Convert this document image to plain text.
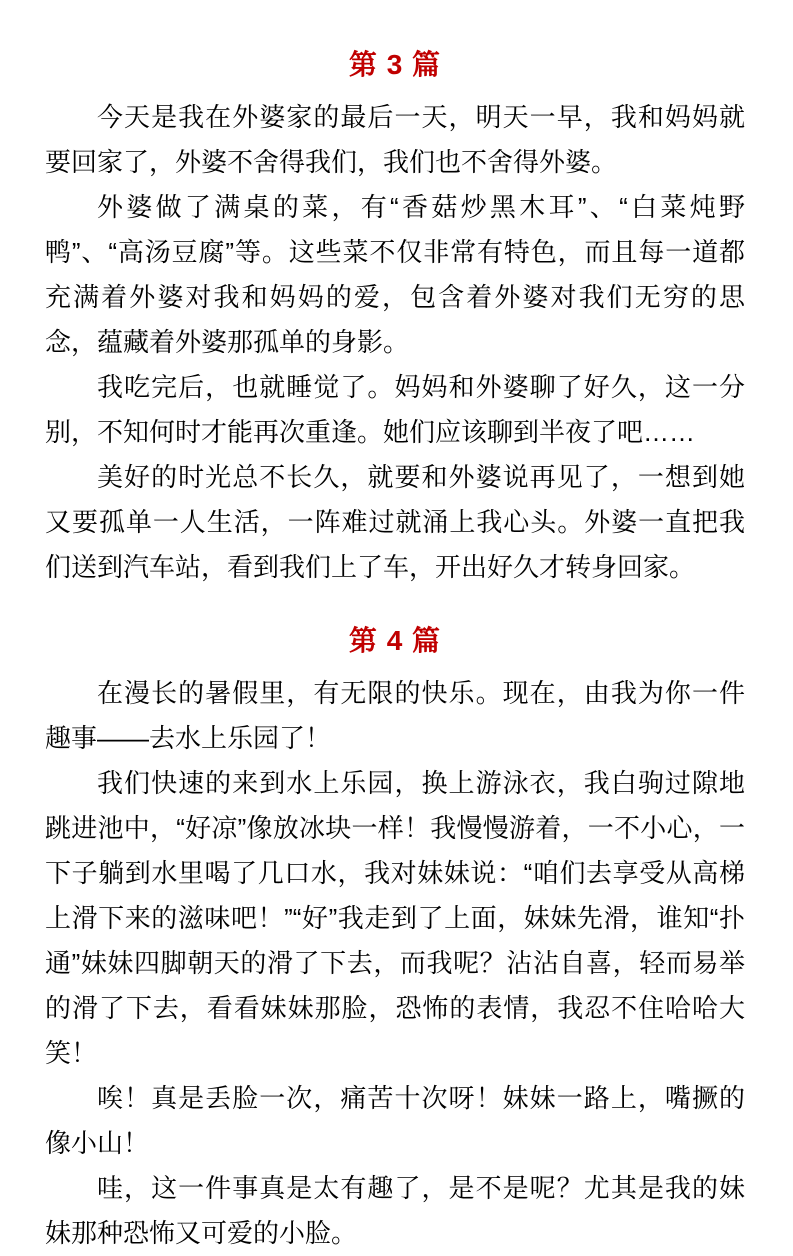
第 3 篇

今天是我在外婆家的最后一天，明天一早，我和妈妈就要回家了，外婆不舍得我们，我们也不舍得外婆。

外婆做了满桌的菜，有“香菇炒黑木耳”、“白菜炖野鸭”、“高汤豆腐”等。这些菜不仅非常有特色，而且每一道都充满着外婆对我和妈妈的爱，包含着外婆对我们无穷的思念，蕴藏着外婆那孤单的身影。

我吃完后，也就睡觉了。妈妈和外婆聊了好久，这一分别，不知何时才能再次重逢。她们应该聊到半夜了吧……

美好的时光总不长久，就要和外婆说再见了，一想到她又要孤单一人生活，一阵难过就涌上我心头。外婆一直把我们送到汽车站，看到我们上了车，开出好久才转身回家。

第 4 篇

在漫长的暑假里，有无限的快乐。现在，由我为你一件趣事——去水上乐园了！

我们快速的来到水上乐园，换上游泳衣，我白驹过隙地跳进池中，“好凉”像放冰块一样！我慢慢游着，一不小心，一下子躺到水里喝了几口水，我对妹妹说：“咱们去享受从高梯上滑下来的滋味吧！”“好”我走到了上面，妹妹先滑，谁知“扑通”妹妹四脚朝天的滑了下去，而我呢？沾沾自喜，轻而易举的滑了下去，看看妹妹那脸，恐怖的表情，我忍不住哈哈大笑！

唉！真是丢脸一次，痛苦十次呀！妹妹一路上，嘴撅的像小山！

哇，这一件事真是太有趣了，是不是呢？尤其是我的妹妹那种恐怖又可爱的小脸。
